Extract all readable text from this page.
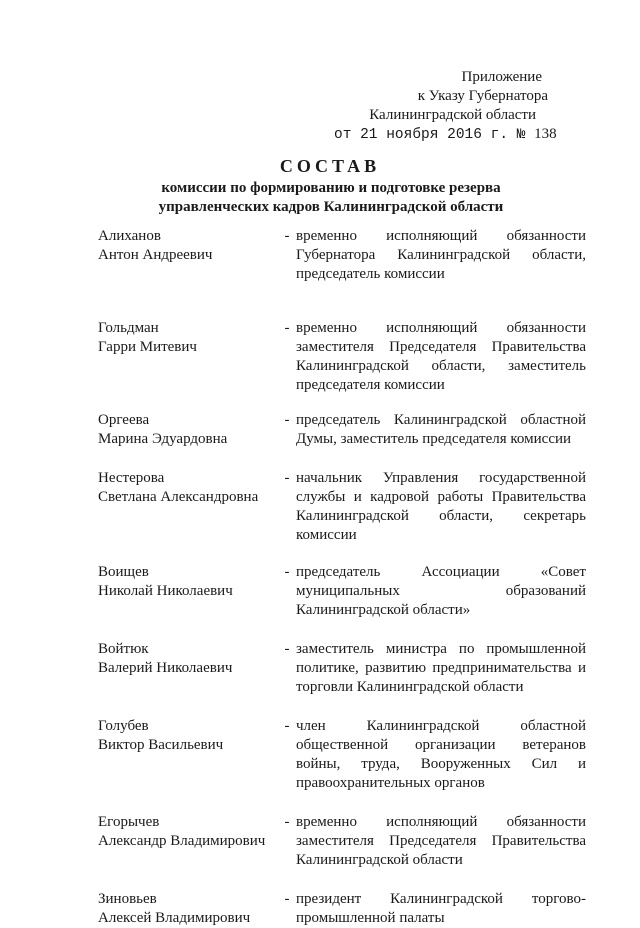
Приложение
к Указу Губернатора
Калининградской области
от 21 ноября 2016 г. № 138
СОСТАВ
комиссии по формированию и подготовке резерва
управленческих кадров Калининградской области
Алиханов
Антон Андреевич
- временно исполняющий обязанности Губернатора Калининградской области, председатель комиссии
Гольдман
Гарри Митевич
- временно исполняющий обязанности заместителя Председателя Правительства Калининградской области, заместитель председателя комиссии
Оргеева
Марина Эдуардовна
- председатель Калининградской областной Думы, заместитель председателя комиссии
Нестерова
Светлана Александровна
- начальник Управления государственной службы и кадровой работы Правительства Калининградской области, секретарь комиссии
Воищев
Николай Николаевич
- председатель Ассоциации «Совет муниципальных образований Калининградской области»
Войтюк
Валерий Николаевич
- заместитель министра по промышленной политике, развитию предпринимательства и торговли Калининградской области
Голубев
Виктор Васильевич
- член Калининградской областной общественной организации ветеранов войны, труда, Вооруженных Сил и правоохранительных органов
Егорычев
Александр Владимирович
- временно исполняющий обязанности заместителя Председателя Правительства Калининградской области
Зиновьев
Алексей Владимирович
- президент Калининградской торгово-промышленной палаты
